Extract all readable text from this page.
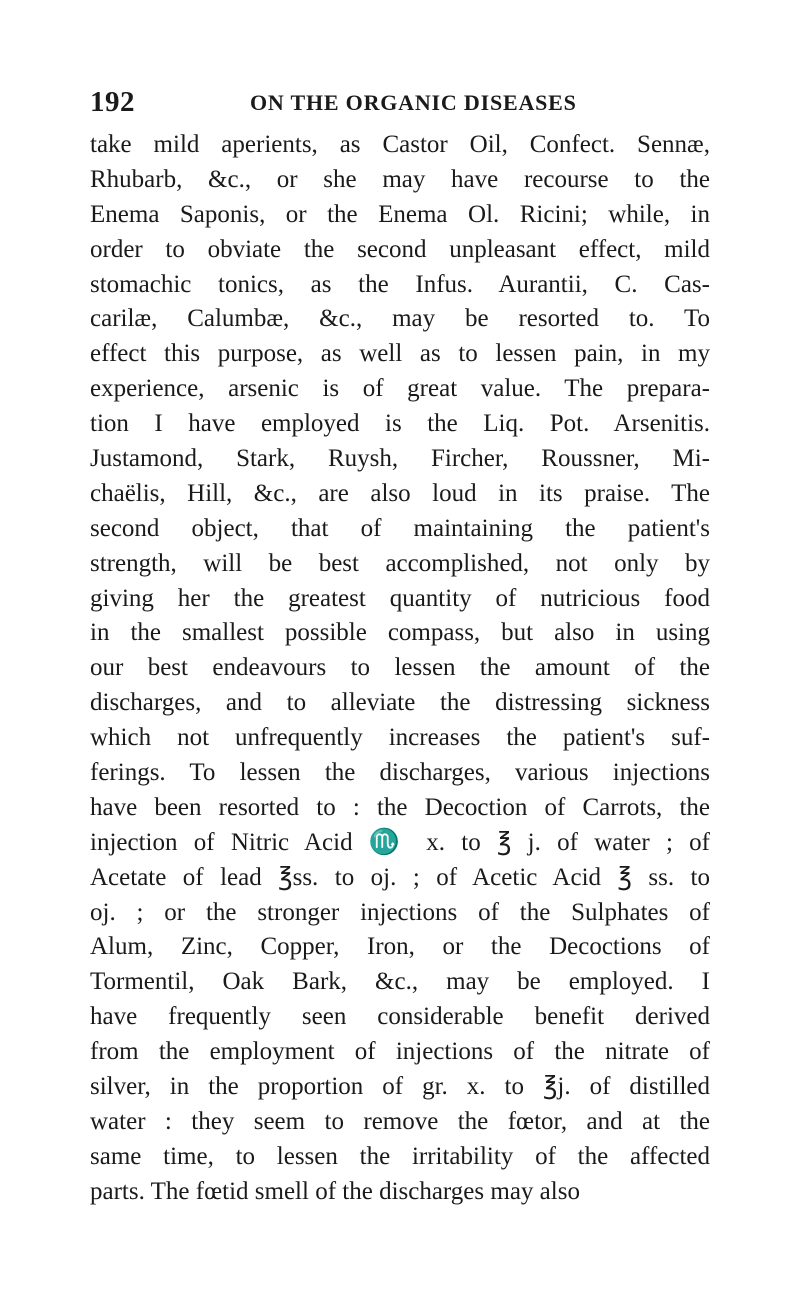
192	ON THE ORGANIC DISEASES
take mild aperients, as Castor Oil, Confect. Sennæ,
Rhubarb, &c., or she may have recourse to the
Enema Saponis, or the Enema Ol. Ricini; while, in
order to obviate the second unpleasant effect, mild
stomachic tonics, as the Infus. Aurantii, C. Cas-
carilæ, Calumbæ, &c., may be resorted to. To
effect this purpose, as well as to lessen pain, in my
experience, arsenic is of great value. The prepara-
tion I have employed is the Liq. Pot. Arsenitis.
Justamond, Stark, Ruysh, Fircher, Roussner, Mi-
chaëlis, Hill, &c., are also loud in its praise. The
second object, that of maintaining the patient's
strength, will be best accomplished, not only by
giving her the greatest quantity of nutricious food
in the smallest possible compass, but also in using
our best endeavours to lessen the amount of the
discharges, and to alleviate the distressing sickness
which not unfrequently increases the patient's suf-
ferings. To lessen the discharges, various injections
have been resorted to : the Decoction of Carrots, the
injection of Nitric Acid ♏ x. to ℥ j. of water ; of
Acetate of lead ℥ss. to oj. ; of Acetic Acid ℥ ss. to
oj. ; or the stronger injections of the Sulphates of
Alum, Zinc, Copper, Iron, or the Decoctions of
Tormentil, Oak Bark, &c., may be employed. I
have frequently seen considerable benefit derived
from the employment of injections of the nitrate of
silver, in the proportion of gr. x. to ℥j. of distilled
water : they seem to remove the fœtor, and at the
same time, to lessen the irritability of the affected
parts. The fœtid smell of the discharges may also
